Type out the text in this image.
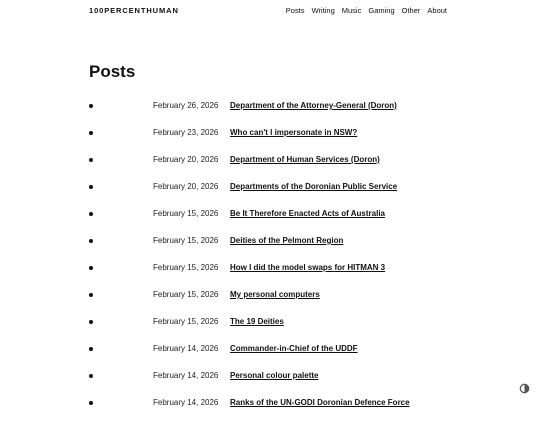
100PERCENTHUMAN	Posts Writing Music Gaming Other About
Posts
February 26, 2026 Department of the Attorney-General (Doron)
February 23, 2026 Who can't I impersonate in NSW?
February 20, 2026 Department of Human Services (Doron)
February 20, 2026 Departments of the Doronian Public Service
February 15, 2026 Be It Therefore Enacted Acts of Australia
February 15, 2026 Deities of the Pelmont Region
February 15, 2026 How I did the model swaps for HITMAN 3
February 15, 2026 My personal computers
February 15, 2026 The 19 Deities
February 14, 2026 Commander-in-Chief of the UDDF
February 14, 2026 Personal colour palette
February 14, 2026 Ranks of the UN-GODI Doronian Defence Force
